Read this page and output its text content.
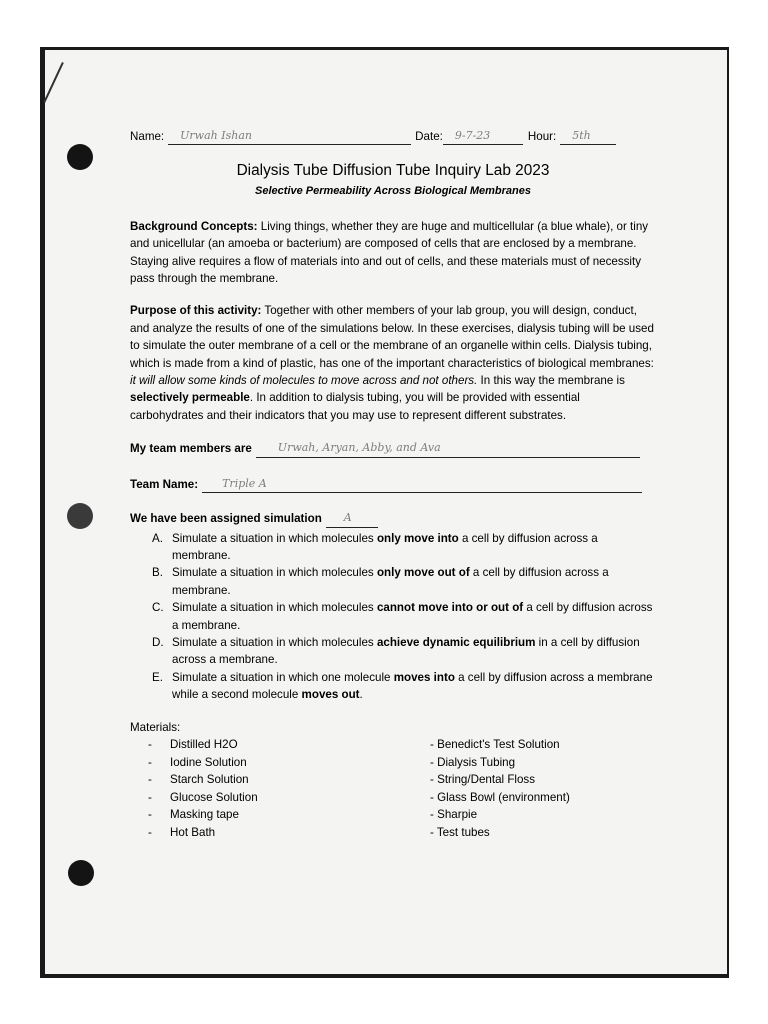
Name: Urwah Ishan	Date: 9-7-23	Hour: 5th
Dialysis Tube Diffusion Tube Inquiry Lab 2023
Selective Permeability Across Biological Membranes

Background Concepts: Living things, whether they are huge and multicellular (a blue whale), or tiny and unicellular (an amoeba or bacterium) are composed of cells that are enclosed by a membrane. Staying alive requires a flow of materials into and out of cells, and these materials must of necessity pass through the membrane.

Purpose of this activity: Together with other members of your lab group, you will design, conduct, and analyze the results of one of the simulations below. In these exercises, dialysis tubing will be used to simulate the outer membrane of a cell or the membrane of an organelle within cells. Dialysis tubing, which is made from a kind of plastic, has one of the important characteristics of biological membranes: it will allow some kinds of molecules to move across and not others. In this way the membrane is selectively permeable. In addition to dialysis tubing, you will be provided with essential carbohydrates and their indicators that you may use to represent different substrates.

My team members are Urwah, Aryan, Abby, and Ava
Team Name: Triple A
We have been assigned simulation A
A. Simulate a situation in which molecules only move into a cell by diffusion across a membrane.
B. Simulate a situation in which molecules only move out of a cell by diffusion across a membrane.
C. Simulate a situation in which molecules cannot move into or out of a cell by diffusion across a membrane.
D. Simulate a situation in which molecules achieve dynamic equilibrium in a cell by diffusion across a membrane.
E. Simulate a situation in which one molecule moves into a cell by diffusion across a membrane while a second molecule moves out.
Materials:
- Distilled H2O
- Iodine Solution
- Starch Solution
- Glucose Solution
- Masking tape
- Hot Bath
- Benedict's Test Solution
- Dialysis Tubing
- String/Dental Floss
- Glass Bowl (environment)
- Sharpie
- Test tubes
